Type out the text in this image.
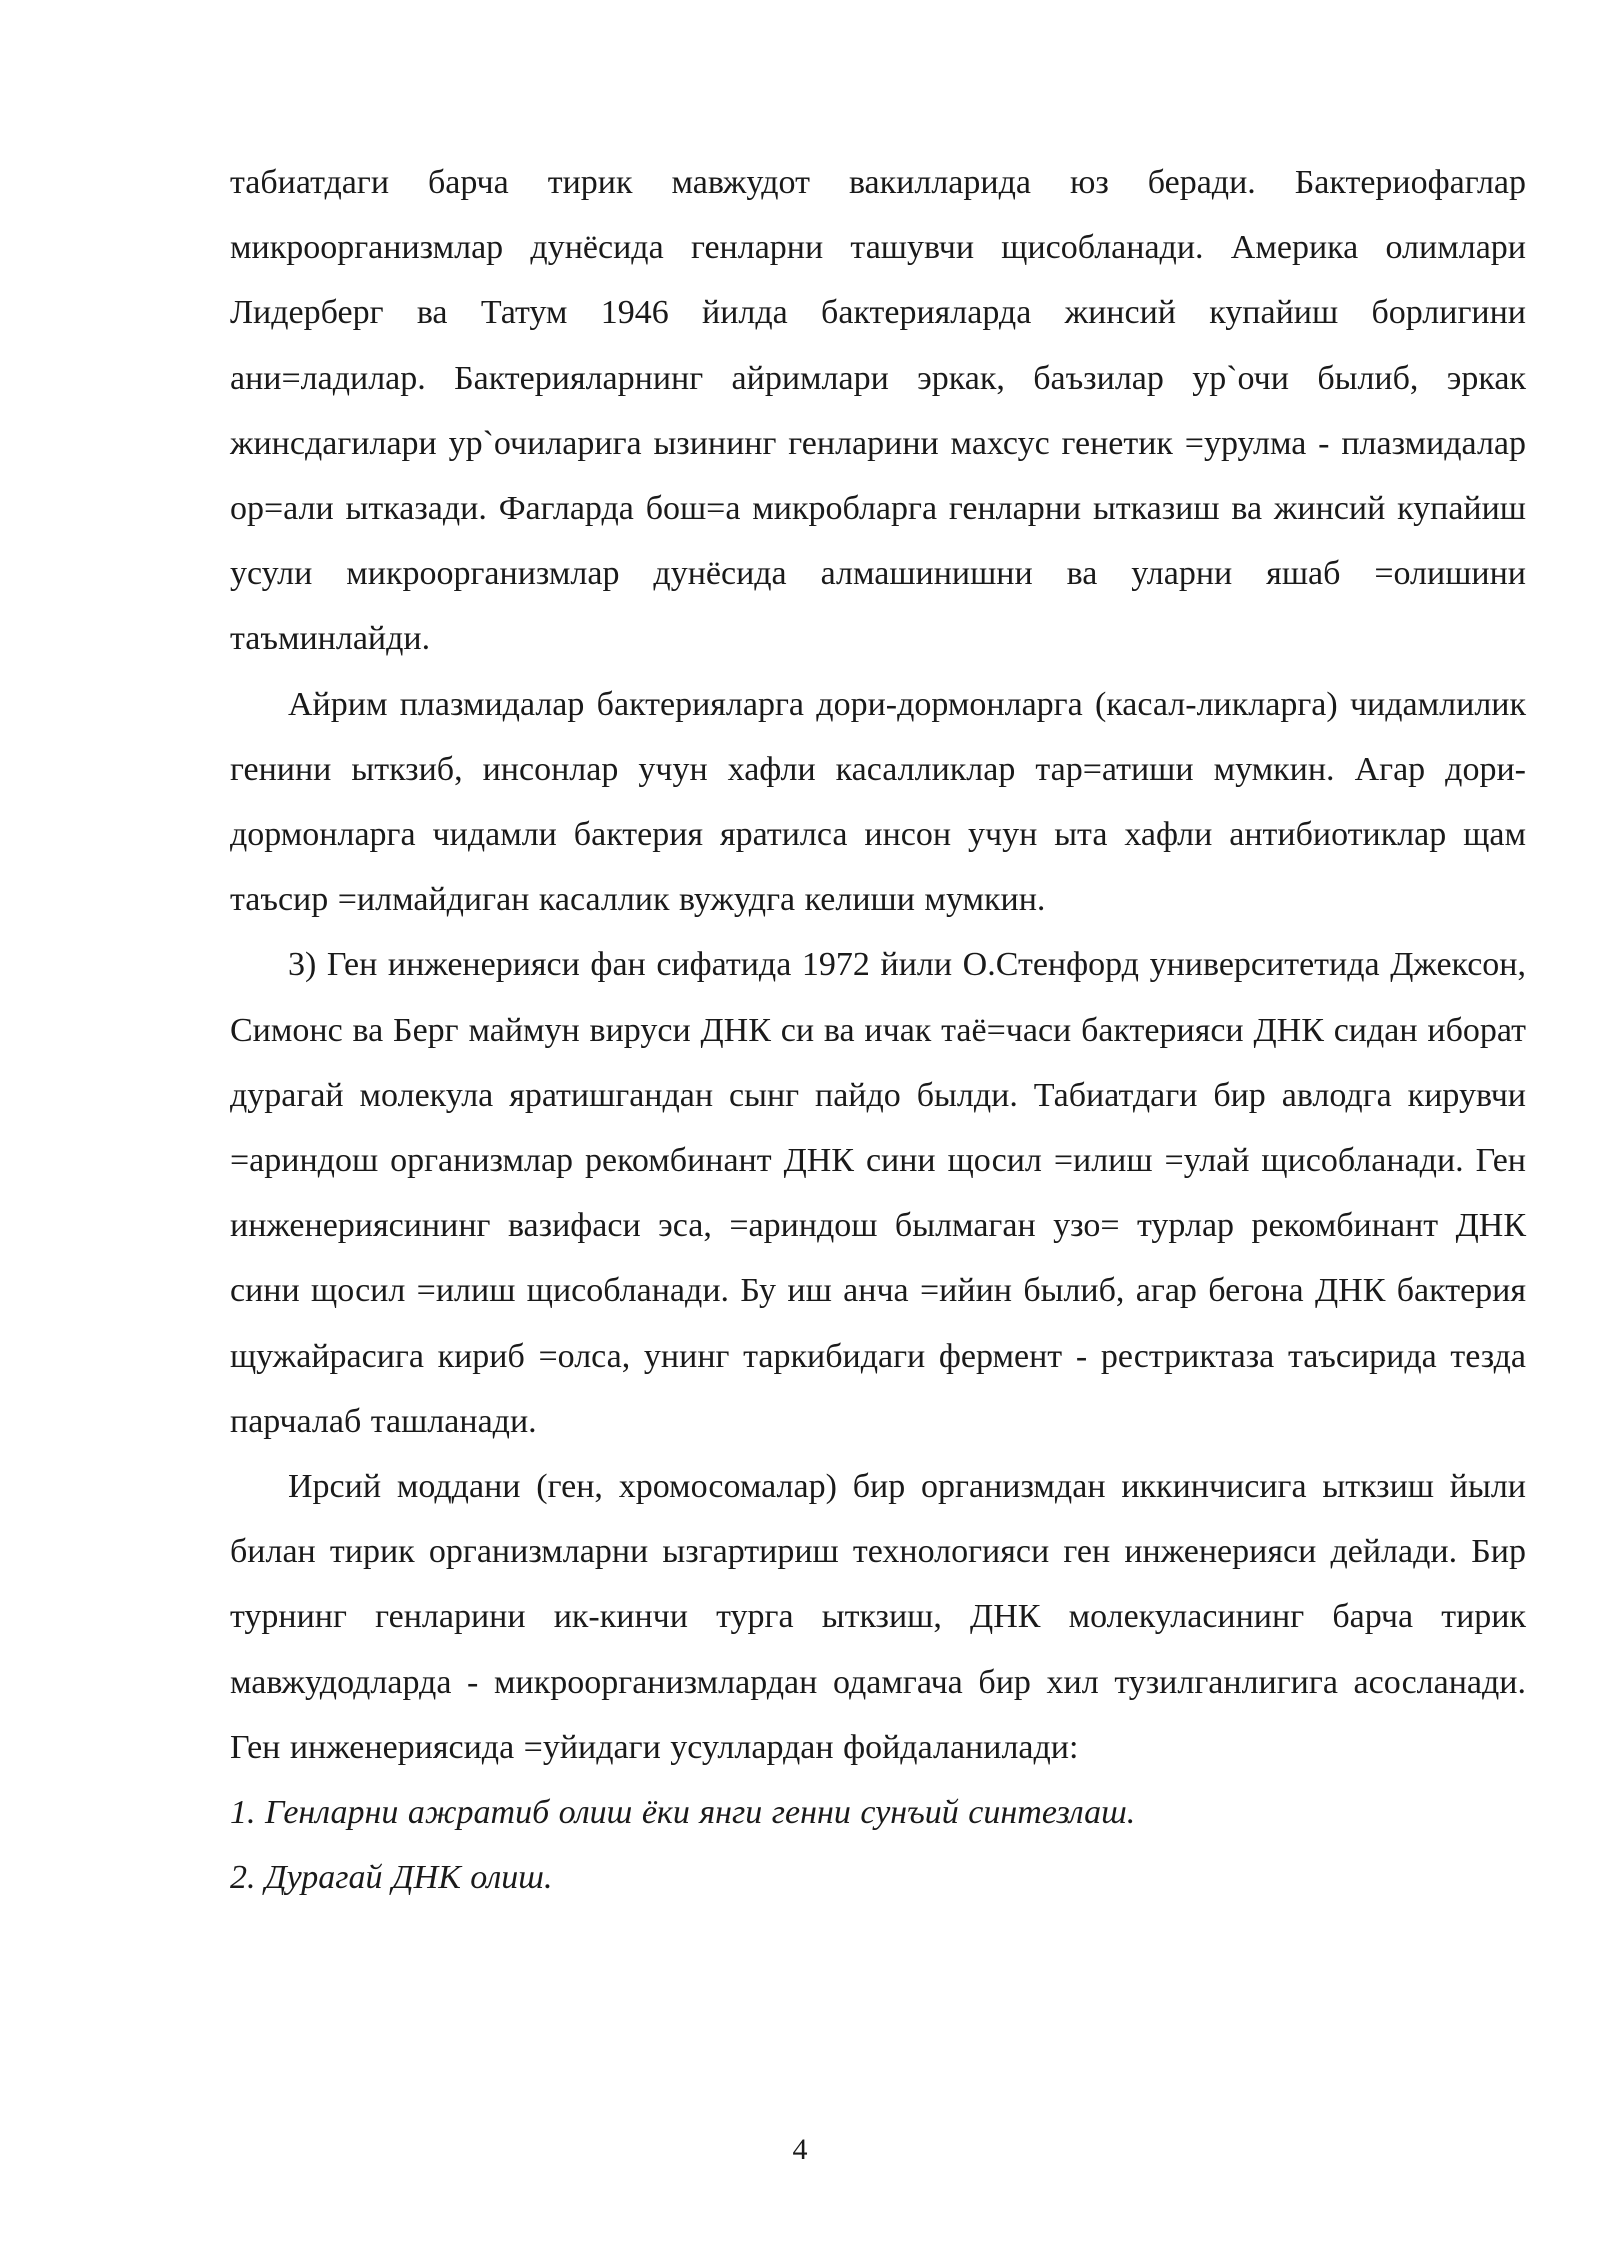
табиатдаги барча тирик мавжудот вакилларида юз беради. Бактериофаглар микроорганизмлар дунёсида генларни ташувчи щисобланади. Америка олимлари Лидерберг ва Татум 1946 йилда бактерияларда жинсий купайиш борлигини ани=ладилар. Бактерияларнинг айримлари эркак, баъзилар ур`очи былиб, эркак жинсдагилари ур`очиларига ызининг генларини махсус генетик =урулма - плазмидалар ор=али ытказади. Фагларда бош=а микробларга генларни ытказиш ва жинсий купайиш усули микроорганизмлар дунёсида алмашинишни ва уларни яшаб =олишини таъминлайди.

Айрим плазмидалар бактерияларга дори-дормонларга (касал-ликларга) чидамлилик генини ыткзиб, инсонлар учун хафли касалликлар тар=атиши мумкин. Агар дори-дормонларга чидамли бактерия яратилса инсон учун ыта хафли антибиотиклар щам таъсир =илмайдиган касаллик вужудга келиши мумкин.

3) Ген инженерияси фан сифатида 1972 йили О.Стенфорд университетида Джексон, Симонс ва Берг маймун вируси ДНК си ва ичак таё=часи бактерияси ДНК сидан иборат дурагай молекула яратишгандан сынг пайдо былди. Табиатдаги бир авлодга кирувчи =ариндош организмлар рекомбинант ДНК сини щосил =илиш =улай щисобланади. Ген инженериясининг вазифаси эса, =ариндош былмаган узо= турлар рекомбинант ДНК сини щосил =илиш щисобланади. Бу иш анча =ийин былиб, агар бегона ДНК бактерия щужайрасига кириб =олса, унинг таркибидаги фермент - рестриктаза таъсирида тезда парчалаб ташланади.

Ирсий моддани (ген, хромосомалар) бир организмдан иккинчисига ыткзиш йыли билан тирик организмларни ызгартириш технологияси ген инженерияси дейлади. Бир турнинг генларини ик-кинчи турга ыткзиш, ДНК молекуласининг барча тирик мавжудодларда - микроорганизмлардан одамгача бир хил тузилганлигига асосланади. Ген инженериясида =уйидаги усуллардан фойдаланилади:

1. Генларни ажратиб олиш ёки янги генни сунъий синтезлаш.

2. Дурагай ДНК олиш.

4
